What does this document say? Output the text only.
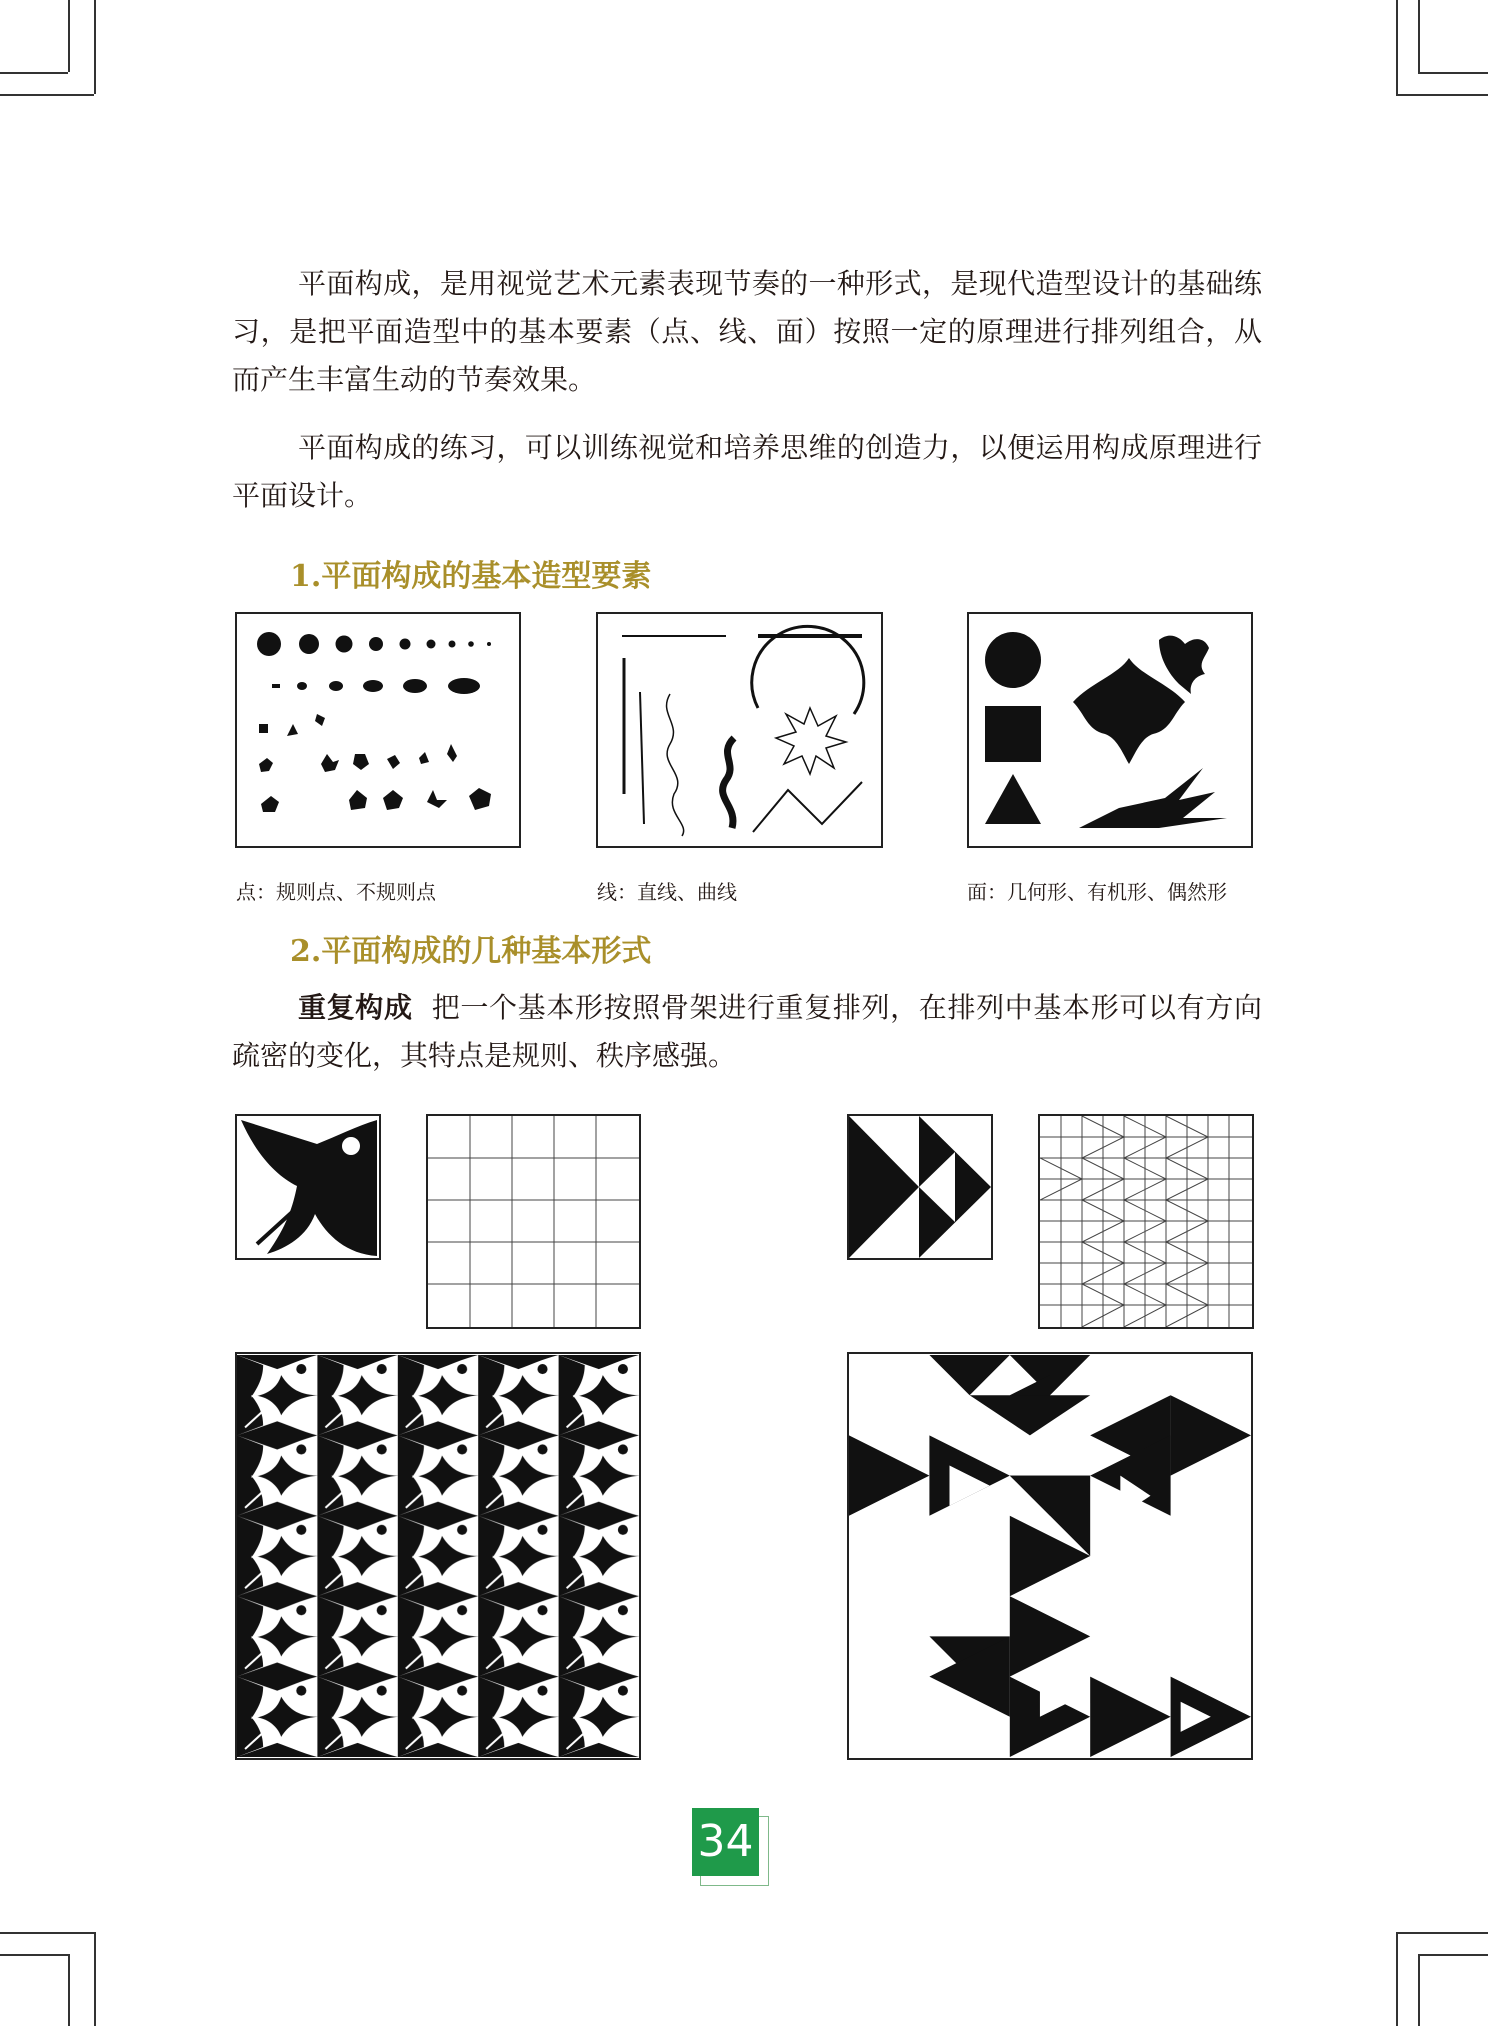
平面构成，是用视觉艺术元素表现节奏的一种形式，是现代造型设计的基础练习，是把平面造型中的基本要素（点、线、面）按照一定的原理进行排列组合，从而产生丰富生动的节奏效果。

平面构成的练习，可以训练视觉和培养思维的创造力，以便运用构成原理进行平面设计。

1.平面构成的基本造型要素

点：规则点、不规则点	线：直线、曲线	面：几何形、有机形、偶然形

2.平面构成的几种基本形式

重复构成 把一个基本形按照骨架进行重复排列，在排列中基本形可以有方向疏密的变化，其特点是规则、秩序感强。

34
